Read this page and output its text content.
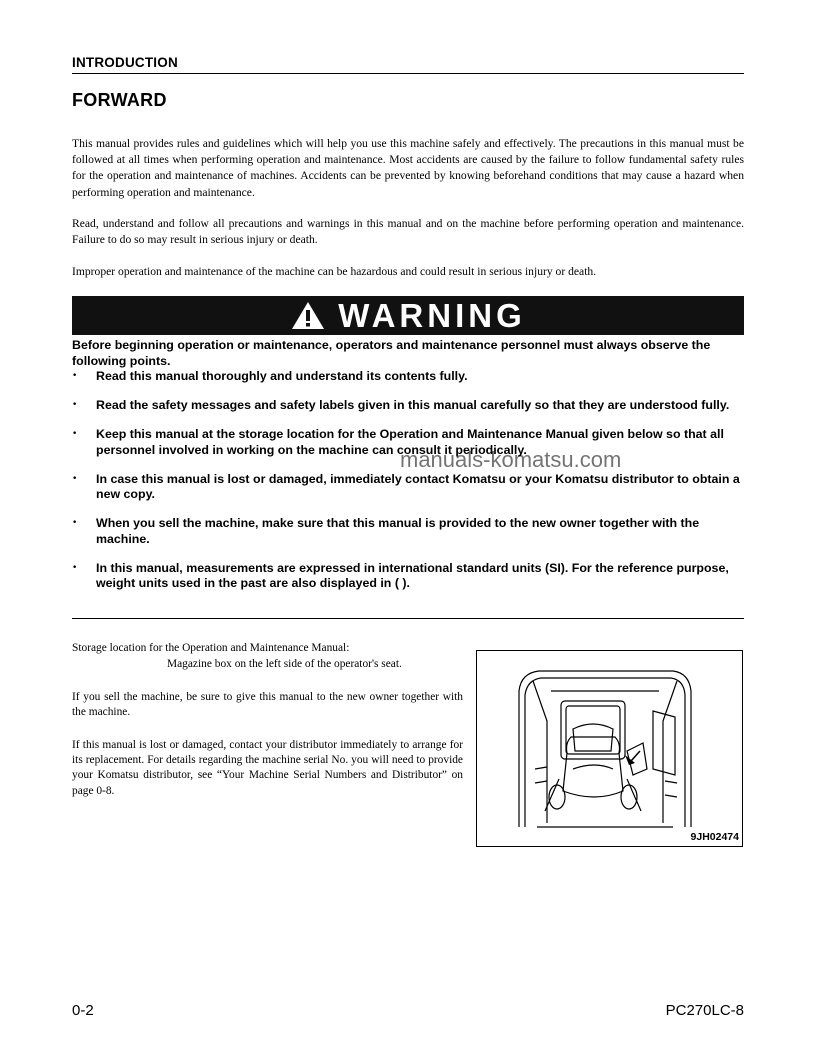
INTRODUCTION
FORWARD

This manual provides rules and guidelines which will help you use this machine safely and effectively. The precautions in this manual must be followed at all times when performing operation and maintenance. Most accidents are caused by the failure to follow fundamental safety rules for the operation and maintenance of machines. Accidents can be prevented by knowing beforehand conditions that may cause a hazard when performing operation and maintenance.

Read, understand and follow all precautions and warnings in this manual and on the machine before performing operation and maintenance. Failure to do so may result in serious injury or death.

Improper operation and maintenance of the machine can be hazardous and could result in serious injury or death.

WARNING
Before beginning operation or maintenance, operators and maintenance personnel must always observe the following points.
• Read this manual thoroughly and understand its contents fully.
• Read the safety messages and safety labels given in this manual carefully so that they are understood fully.
• Keep this manual at the storage location for the Operation and Maintenance Manual given below so that all personnel involved in working on the machine can consult it periodically.
• In case this manual is lost or damaged, immediately contact Komatsu or your Komatsu distributor to obtain a new copy.
• When you sell the machine, make sure that this manual is provided to the new owner together with the machine.
• In this manual, measurements are expressed in international standard units (SI). For the reference purpose, weight units used in the past are also displayed in ( ).
Storage location for the Operation and Maintenance Manual:
Magazine box on the left side of the operator's seat.
If you sell the machine, be sure to give this manual to the new owner together with the machine.
If this manual is lost or damaged, contact your distributor immediately to arrange for its replacement. For details regarding the machine serial No. you will need to provide your Komatsu distributor, see “Your Machine Serial Numbers and Distributor” on page 0-8.
9JH02474
manuals-komatsu.com
0-2	PC270LC-8
